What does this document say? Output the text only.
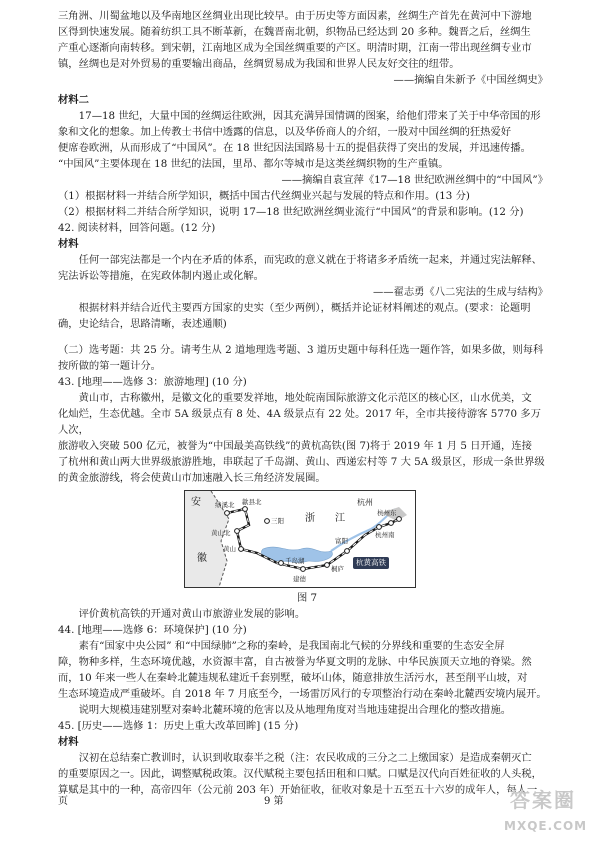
三角洲、川蜀盆地以及华南地区丝绸业出现比较早。由于历史等方面因素，丝绸生产首先在黄河中下游地

区得到快速发展。随着纺织工具不断革新，在魏晋南北朝，织物品已经达到 20 多种。魏晋之后，丝绸生

产重心逐渐向南转移。到宋朝，江南地区成为全国丝绸重要的产区。明清时期，江南一带出现丝绸专业市

镇，丝绸也是对外贸易的重要输出商品，丝绸贸易成为我国和世界人民友好交往的纽带。

——摘编自朱新予《中国丝绸史》

材料二

17—18 世纪，大量中国的丝绸运往欧洲，因其充满异国情调的图案，给他们带来了关于中华帝国的形

象和文化的想象。加上传教士书信中透露的信息，以及华侨商人的介绍，一股对中国丝绸的狂热爱好

便席卷欧洲，从而形成了“中国风”。在 18 世纪因法国路易十五的提倡获得了突出的发展，并迅速传播。

“中国风”主要体现在 18 世纪的法国，里昂、都尔等城市是这类丝绸织物的生产重镇。

——摘编自袁宣萍《17—18 世纪欧洲丝绸中的“中国风”》

（1）根据材料一并结合所学知识，概括中国古代丝绸业兴起与发展的特点和作用。(13 分)

（2）根据材料二并结合所学知识，说明 17—18 世纪欧洲丝绸业流行“中国风”的背景和影响。(12 分)

42. 阅读材料，回答问题。(12 分)

材料

任何一部宪法都是一个内在矛盾的体系，而宪政的意义就在于将诸多矛盾统一起来，并通过宪法解释、

宪法诉讼等措施，在宪政体制内遏止或化解。

——翟志勇《八二宪法的生成与结构》

根据材料并结合近代主要西方国家的史实（至少两例），概括并论证材料阐述的观点。(要求：论题明

确，史论结合，思路清晰，表述通顺)

（二）选考题：共 25 分。请考生从 2 道地理选考题、3 道历史题中每科任选一题作答，如果多做，则每科

按所做的第一题计分。

43. [地理——选修 3：旅游地理] (10 分)

黄山市，古称徽州，是徽文化的重要发祥地，地处皖南国际旅游文化示范区的核心区，山水优美，文

化灿烂，生态优越。全市 5A 级景点有 8 处、4A 级景点有 22 处。2017 年，全市共接待游客 5770 多万人次，

旅游收入突破 500 亿元，被誉为“中国最美高铁线”的黄杭高铁(图 7)将于 2019 年 1 月 5 日开通，连接

了杭州和黄山两大世界级旅游胜地，串联起了千岛湖、黄山、西递宏村等 7 大 5A 级景区，形成一条世界级

的黄金旅游线，将会使黄山市加速融入长三角经济发展圈。

安
徽
浙 江
绩溪北 歙县北
黄山北
黄山
三阳
千岛湖
建德
桐庐
富阳
杭州
杭州东
杭州南
杭黄高铁

图 7

评价黄杭高铁的开通对黄山市旅游业发展的影响。

44. [地理——选修 6：环境保护] (10 分)

素有“国家中央公园” 和“中国绿肺”之称的秦岭，是我国南北气候的分界线和重要的生态安全屏

障，物种多样，生态环境优越，水资源丰富，自古被誉为华夏文明的龙脉、中华民族顶天立地的脊梁。然

而，10 年来一些人在秦岭北麓违规私建近千套别墅，破坏山体，随意排放生活污水，甚至削平山坡，对

生态环境造成严重破坏。自 2018 年 7 月底至今，一场雷厉风行的专项整治行动在秦岭北麓西安境内展开。

说明大规模违建别墅对秦岭北麓环境的危害以及从地理角度对当地违建提出合理化的整改措施。

45. [历史——选修 1：历史上重大改革回眸] (15 分)

材料

汉初在总结秦亡教训时，认识到收取泰半之税（注：农民收成的三分之二上缴国家）是造成秦朝灭亡

的重要原因之一。因此，调整赋税政策。汉代赋税主要包括田租和口赋。口赋是汉代向百姓征收的人头税，

算赋是其中的一种，高帝四年（公元前 203 年）开始征收，征收对象是十五至五十六岁的成年人，每人一

页	9 第	答案圈
MXQE.COM
